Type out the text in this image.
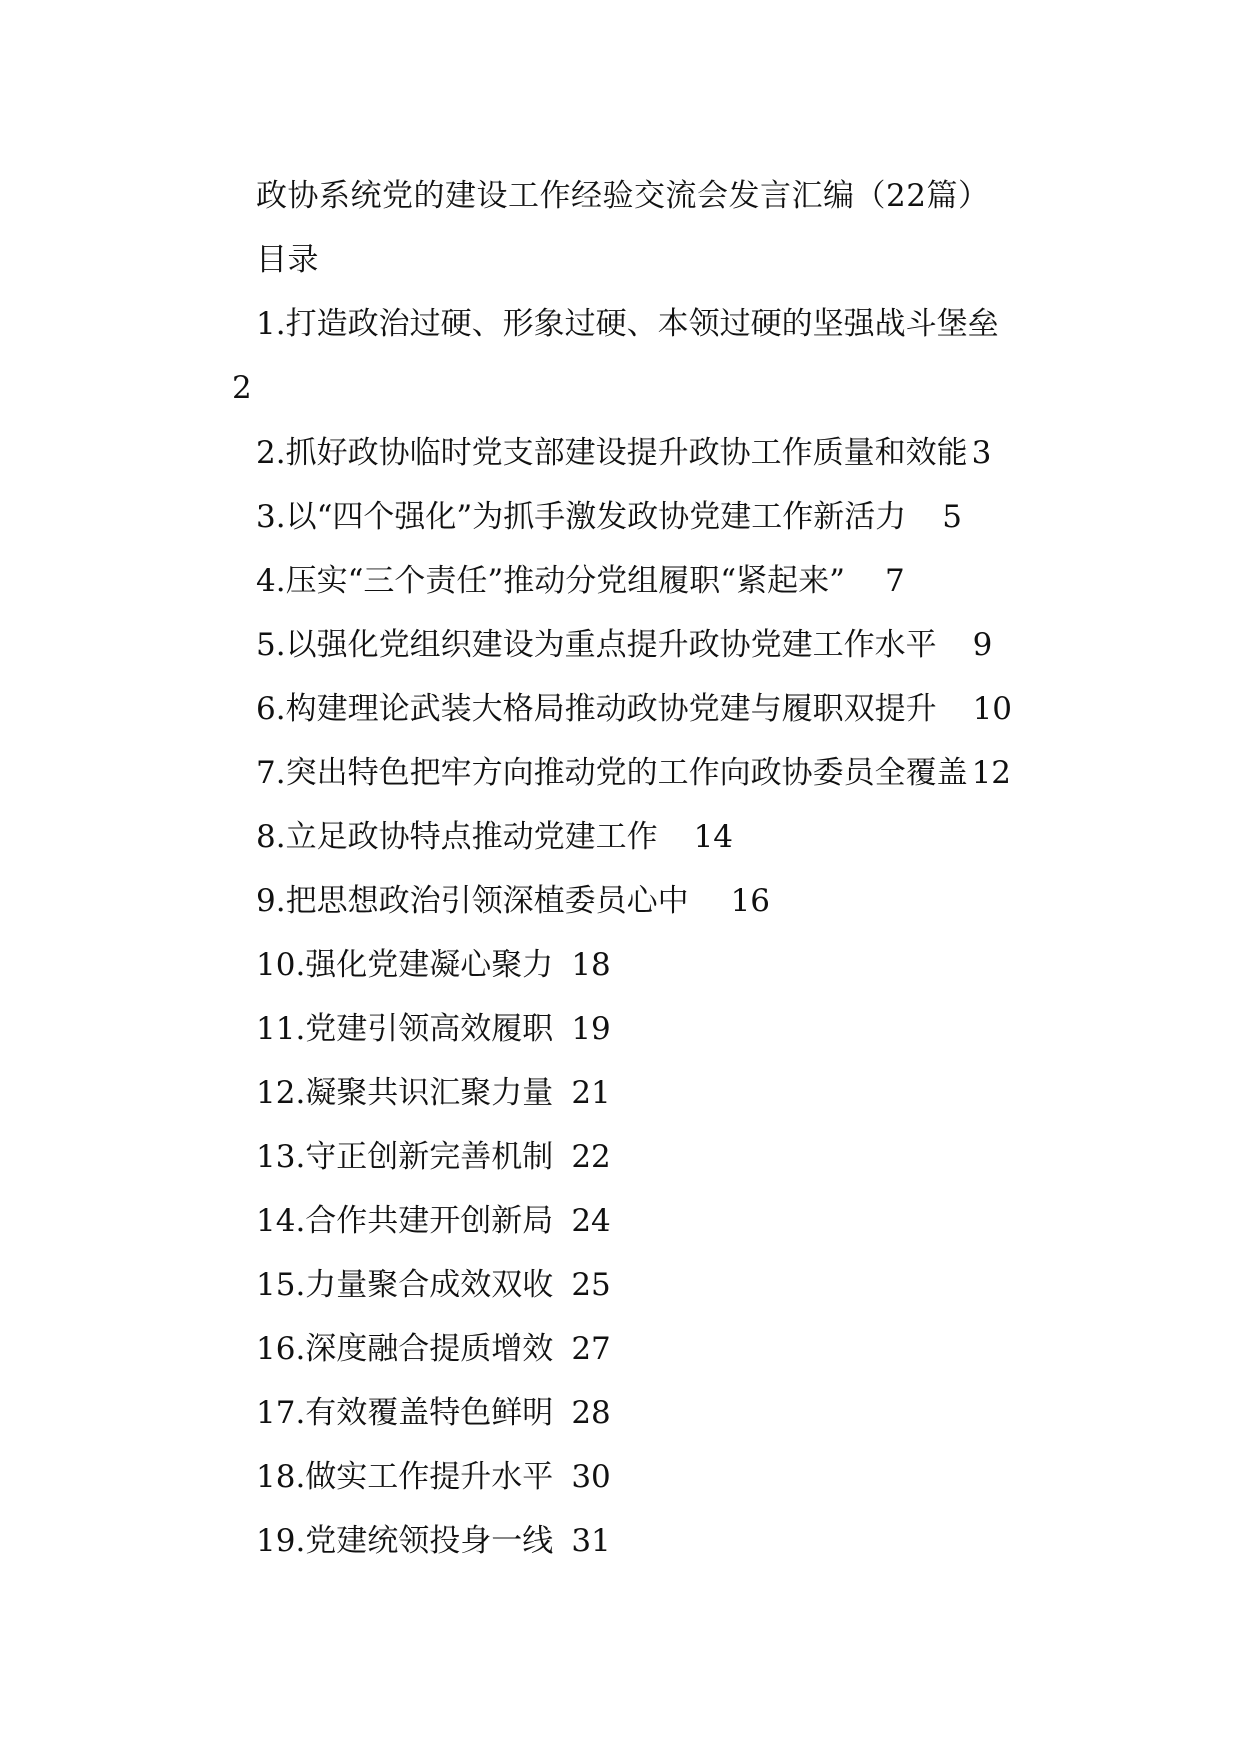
政协系统党的建设工作经验交流会发言汇编（22篇）
目录
1.打造政治过硬、形象过硬、本领过硬的坚强战斗堡垒
2
2.抓好政协临时党支部建设提升政协工作质量和效能 3
3.以“四个强化”为抓手激发政协党建工作新活力 5
4.压实“三个责任”推动分党组履职“紧起来” 7
5.以强化党组织建设为重点提升政协党建工作水平 9
6.构建理论武装大格局推动政协党建与履职双提升 10
7.突出特色把牢方向推动党的工作向政协委员全覆盖 12
8.立足政协特点推动党建工作 14
9.把思想政治引领深植委员心中 16
10.强化党建凝心聚力 18
11.党建引领高效履职 19
12.凝聚共识汇聚力量 21
13.守正创新完善机制 22
14.合作共建开创新局 24
15.力量聚合成效双收 25
16.深度融合提质增效 27
17.有效覆盖特色鲜明 28
18.做实工作提升水平 30
19.党建统领投身一线 31
